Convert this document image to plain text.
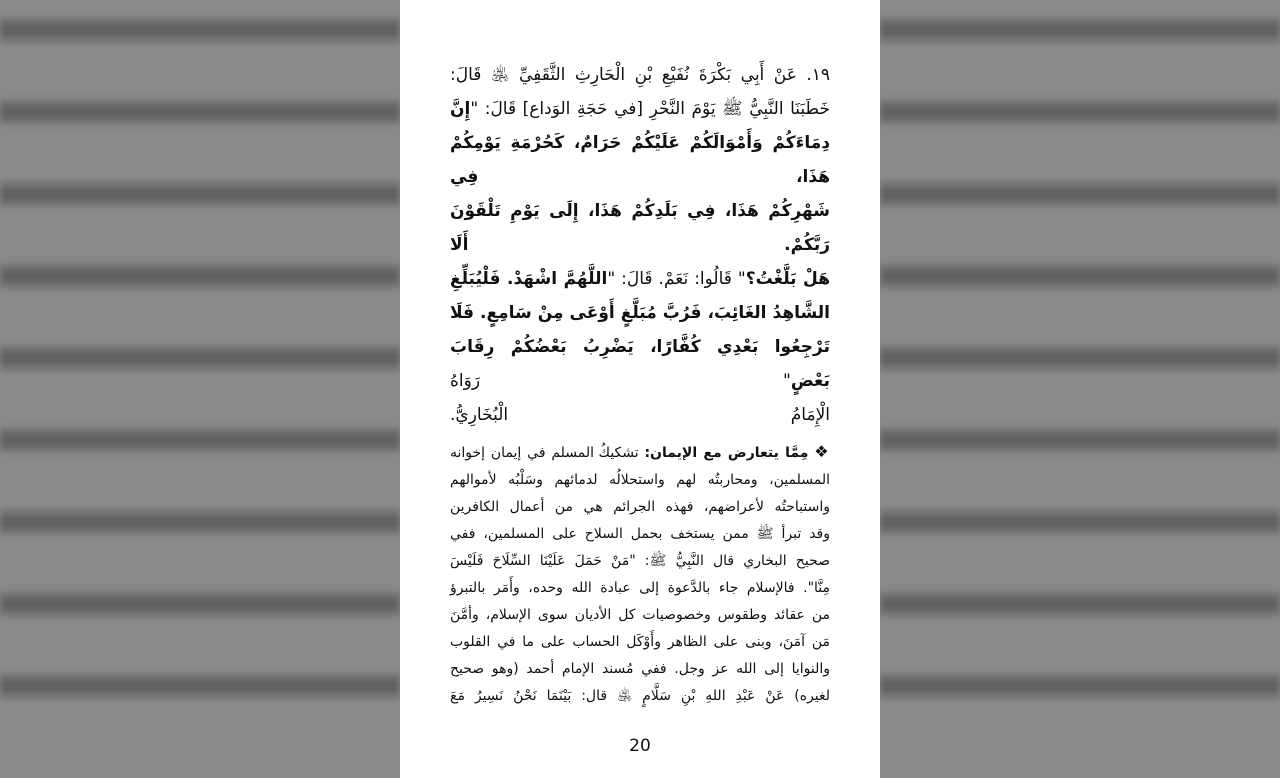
١٩. عَنْ أَبِي بَكْرَةَ نُفَيْعِ بْنِ الْحَارِثِ الثَّقَفِيِّ ﵁ قَالَ:
خَطَبَنَا النَّبِيُّ ﷺ يَوْمَ النَّحْرِ [في حَجَةِ الوَداع] قَالَ: "إِنَّ
دِمَاءَكُمْ وَأَمْوَالَكُمْ عَلَيْكُمْ حَرَامٌ، كَحُرْمَةِ يَوْمِكُمْ هَذَا، فِي
شَهْرِكُمْ هَذَا، فِي بَلَدِكُمْ هَذَا، إِلَى يَوْمِ تَلْقَوْنَ رَبَّكُمْ. أَلَا
هَلْ بَلَّغْتُ؟" قَالُوا: نَعَمْ. قَالَ: "اللَّهُمَّ اشْهَدْ. فَلْيُبَلِّغِ
الشَّاهِدُ الغَائِبَ، فَرُبَّ مُبَلَّغٍ أَوْعَى مِنْ سَامِعٍ. فَلَا
تَرْجِعُوا بَعْدِي كُفَّارًا، يَضْرِبُ بَعْضُكُمْ رِقَابَ بَعْضٍ" رَوَاهُ
الْإِمَامُ الْبُخَارِيُّ.
❖ مِمَّا يتعارض مع الإيمان: تشكيكُ المسلم في إيمان إخوانه
المسلمين، ومحاربتُه لهم واستحلالُه لدمائهم وسَلْبُه لأموالهم
واستباحتُه لأعراضهم، فهذه الجرائم هي من أعمال الكافرين
وقد تبرأ ﷺ ممن يستخف بحمل السلاح على المسلمين، ففي
صحيح البخاري قال النَّبِيُّ ﷺ: "مَنْ حَمَلَ عَلَيْنَا السِّلَاحَ فَلَيْسَ
مِنَّا". فالإسلام جاء بالدَّعوة إلى عبادة الله وحده، وأَمَر بالتبرؤ
من عقائد وطقوس وخصوصيات كل الأديان سوى الإسلام، وأمَّنَ
مَن آمَنَ، وبنى على الظاهر وأَوْكَل الحساب على ما في القلوب
والنوايا إلى الله عز وجل. ففي مُسند الإمام أحمد (وهو صحيح
لغيره) عَنْ عَبْدِ اللهِ بْنِ سَلَّامٍ ﵁ قال: بَيْنَمَا نَحْنُ نَسِيرُ مَعَ
20
